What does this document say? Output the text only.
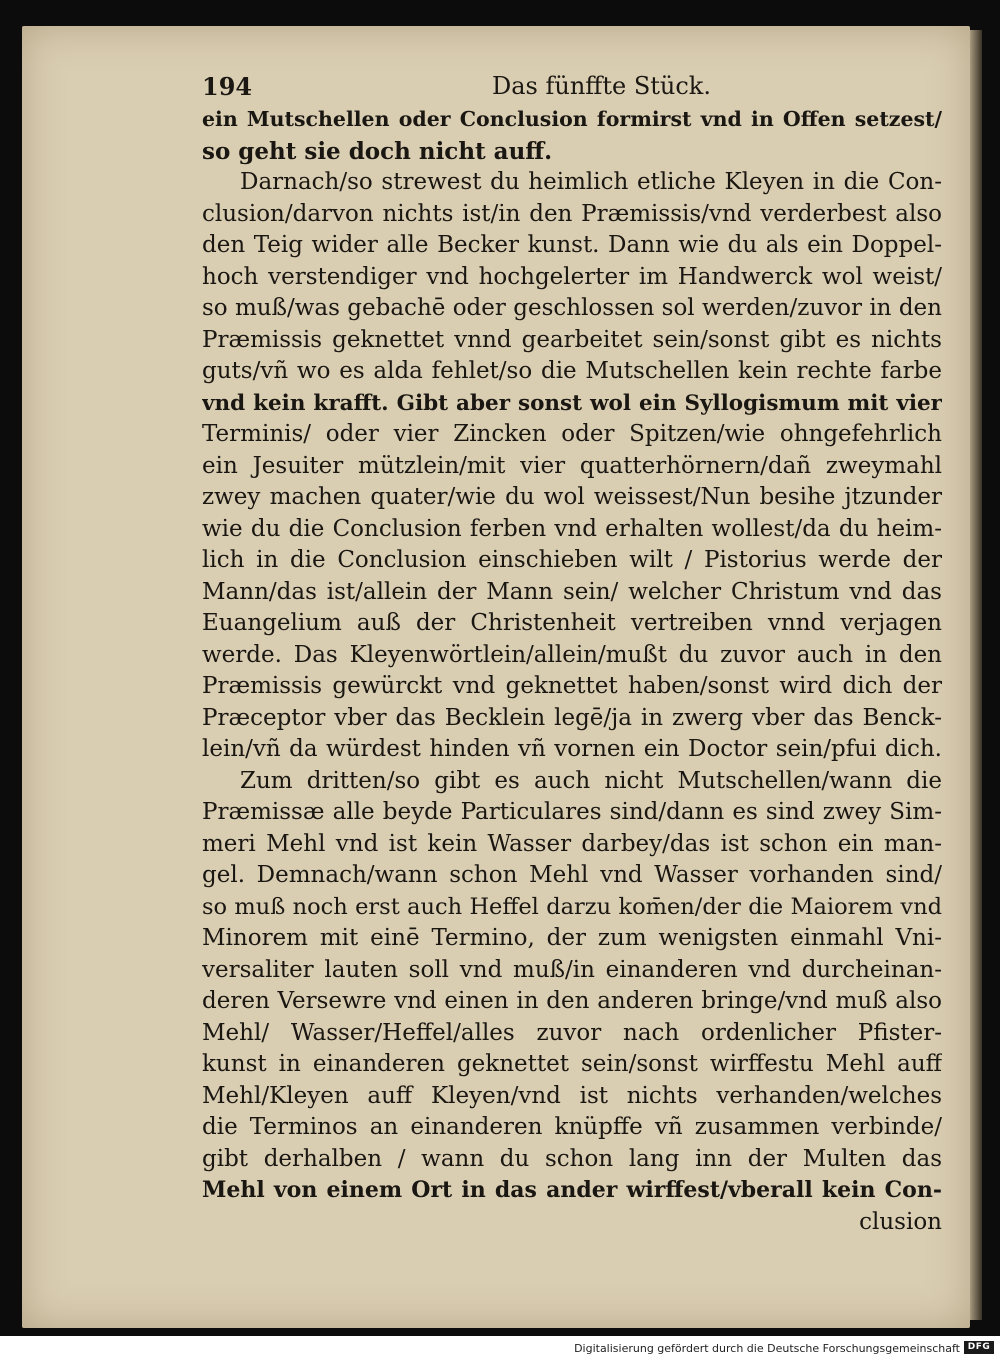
194	Das fünffte Stück.
ein Mutschellen oder Conclusion formirst vnd in Offen setzest/
so geht sie doch nicht auff.
Darnach/so strewest du heimlich etliche Kleyen in die Con-
clusion/darvon nichts ist/in den Præmissis/vnd verderbest also
den Teig wider alle Becker kunst. Dann wie du als ein Doppel-
hoch verstendiger vnd hochgelerter im Handwerck wol weist/
so muß/was gebachē oder geschlossen sol werden/zuvor in den
Præmissis geknettet vnnd gearbeitet sein/sonst gibt es nichts
guts/vñ wo es alda fehlet/so die Mutschellen kein rechte farbe
vnd kein krafft. Gibt aber sonst wol ein Syllogismum mit vier
Terminis/ oder vier Zincken oder Spitzen/wie ohngefehrlich
ein Jesuiter mützlein/mit vier quatterhörnern/dañ zweymahl
zwey machen quater/wie du wol weissest/Nun besihe jtzunder
wie du die Conclusion ferben vnd erhalten wollest/da du heim-
lich in die Conclusion einschieben wilt / Pistorius werde der
Mann/das ist/allein der Mann sein/ welcher Christum vnd das
Euangelium auß der Christenheit vertreiben vnnd verjagen
werde. Das Kleyenwörtlein/allein/mußt du zuvor auch in den
Præmissis gewürckt vnd geknettet haben/sonst wird dich der
Præceptor vber das Becklein legē/ja in zwerg vber das Benck-
lein/vñ da würdest hinden vñ vornen ein Doctor sein/pfui dich.
Zum dritten/so gibt es auch nicht Mutschellen/wann die
Præmissæ alle beyde Particulares sind/dann es sind zwey Sim-
meri Mehl vnd ist kein Wasser darbey/das ist schon ein man-
gel. Demnach/wann schon Mehl vnd Wasser vorhanden sind/
so muß noch erst auch Heffel darzu kom̄en/der die Maiorem vnd
Minorem mit einē Termino, der zum wenigsten einmahl Vni-
versaliter lauten soll vnd muß/in einanderen vnd durcheinan-
deren Versewre vnd einen in den anderen bringe/vnd muß also
Mehl/ Wasser/Heffel/alles zuvor nach ordenlicher Pfister-
kunst in einanderen geknettet sein/sonst wirffestu Mehl auff
Mehl/Kleyen auff Kleyen/vnd ist nichts verhanden/welches
die Terminos an einanderen knüpffe vñ zusammen verbinde/
gibt derhalben / wann du schon lang inn der Multen das
Mehl von einem Ort in das ander wirffest/vberall kein Con-
clusion
Digitalisierung gefördert durch die Deutsche Forschungsgemeinschaft DFG
